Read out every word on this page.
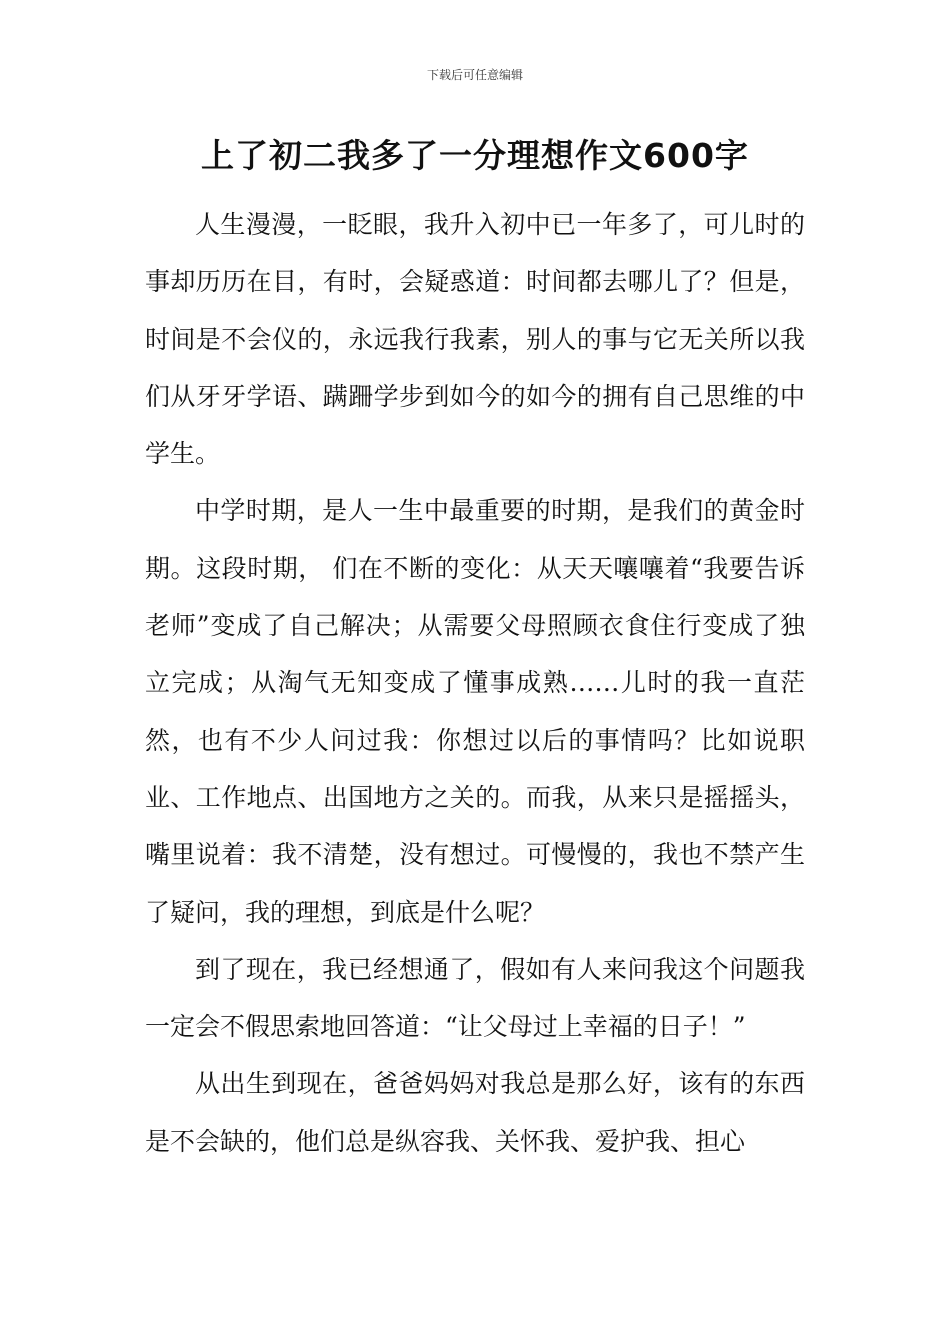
下载后可任意编辑
上了初二我多了一分理想作文600字

人生漫漫，一眨眼，我升入初中已一年多了，可儿时的事却历历在目，有时，会疑惑道：时间都去哪儿了？但是，时间是不会仪的，永远我行我素，别人的事与它无关所以我们从牙牙学语、蹒跚学步到如今的如今的拥有自己思维的中学生。

中学时期，是人一生中最重要的时期，是我们的黄金时期。这段时期， 们在不断的变化：从天天嚷嚷着“我要告诉老师”变成了自己解决；从需要父母照顾衣食住行变成了独立完成；从淘气无知变成了懂事成熟……儿时的我一直茫然，也有不少人问过我：你想过以后的事情吗？比如说职业、工作地点、出国地方之关的。而我，从来只是摇摇头，嘴里说着：我不清楚，没有想过。可慢慢的，我也不禁产生了疑问，我的理想，到底是什么呢？

到了现在，我已经想通了，假如有人来问我这个问题我一定会不假思索地回答道：“让父母过上幸福的日子！”

从出生到现在，爸爸妈妈对我总是那么好，该有的东西是不会缺的，他们总是纵容我、关怀我、爱护我、担心
